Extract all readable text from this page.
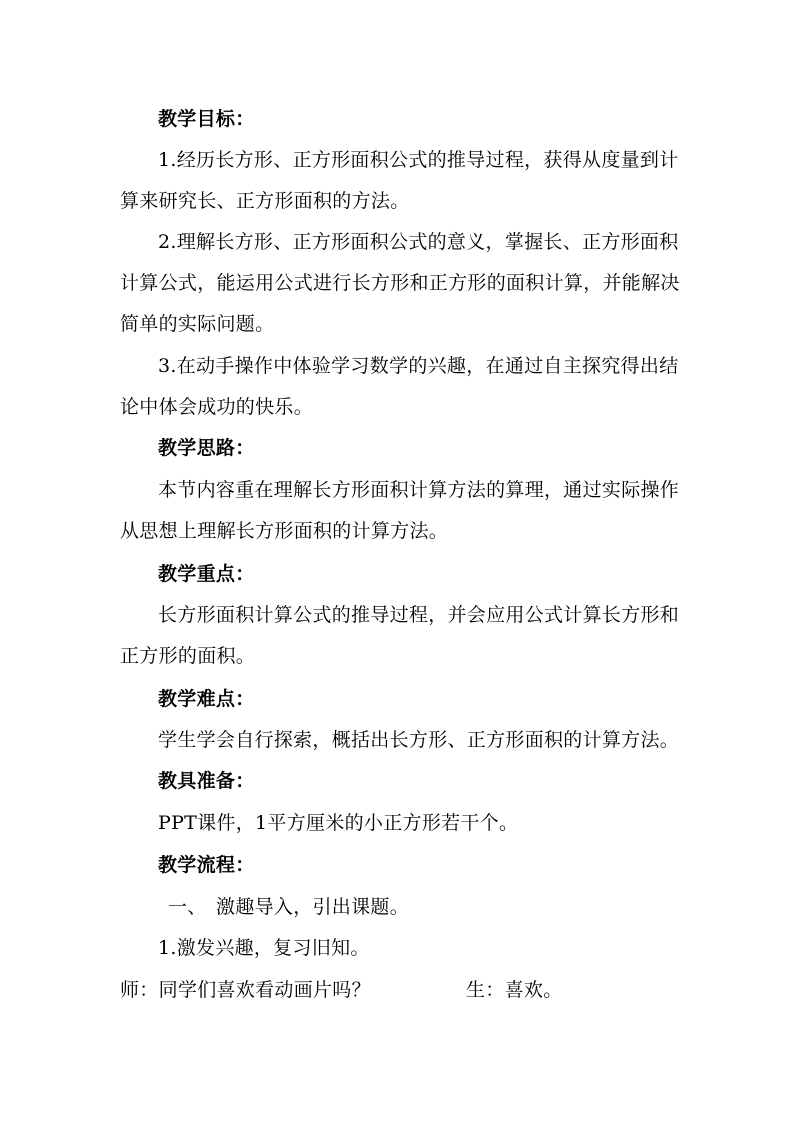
教学目标：
1.经历长方形、正方形面积公式的推导过程，获得从度量到计
算来研究长、正方形面积的方法。
2.理解长方形、正方形面积公式的意义，掌握长、正方形面积
计算公式，能运用公式进行长方形和正方形的面积计算，并能解决
简单的实际问题。
3.在动手操作中体验学习数学的兴趣，在通过自主探究得出结
论中体会成功的快乐。
教学思路：
本节内容重在理解长方形面积计算方法的算理，通过实际操作
从思想上理解长方形面积的计算方法。
教学重点：
长方形面积计算公式的推导过程，并会应用公式计算长方形和
正方形的面积。
教学难点：
学生学会自行探索，概括出长方形、正方形面积的计算方法。
教具准备：
PPT课件，1平方厘米的小正方形若干个。
教学流程：
一、 激趣导入，引出课题。
1.激发兴趣，复习旧知。
师：同学们喜欢看动画片吗？	生：喜欢。
